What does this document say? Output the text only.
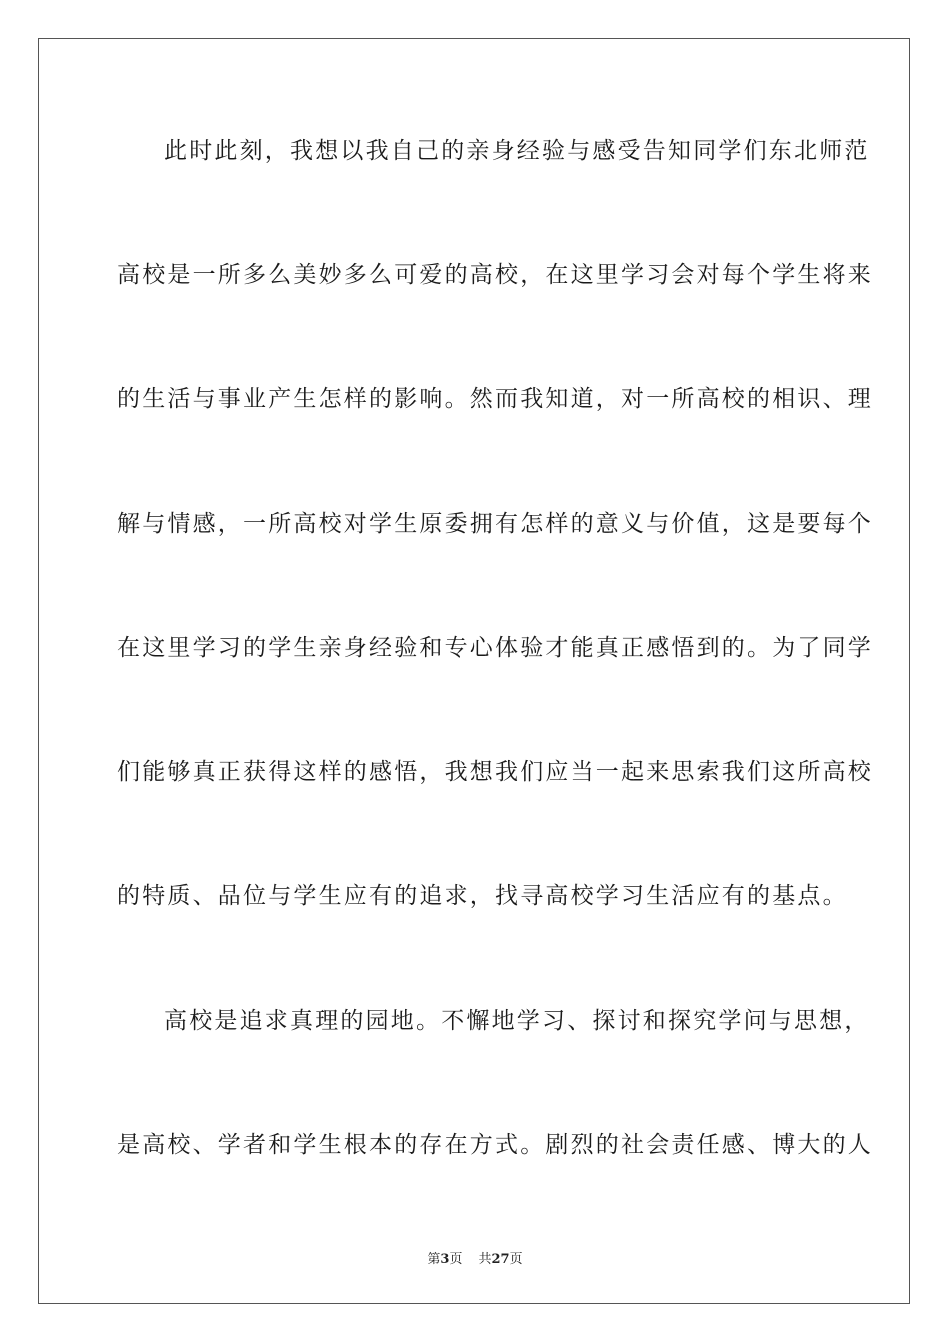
此时此刻，我想以我自己的亲身经验与感受告知同学们东北师范
高校是一所多么美妙多么可爱的高校，在这里学习会对每个学生将来
的生活与事业产生怎样的影响。然而我知道，对一所高校的相识、理
解与情感，一所高校对学生原委拥有怎样的意义与价值，这是要每个
在这里学习的学生亲身经验和专心体验才能真正感悟到的。为了同学
们能够真正获得这样的感悟，我想我们应当一起来思索我们这所高校
的特质、品位与学生应有的追求，找寻高校学习生活应有的基点。
高校是追求真理的园地。不懈地学习、探讨和探究学问与思想，
是高校、学者和学生根本的存在方式。剧烈的社会责任感、博大的人
第3页 共27页
